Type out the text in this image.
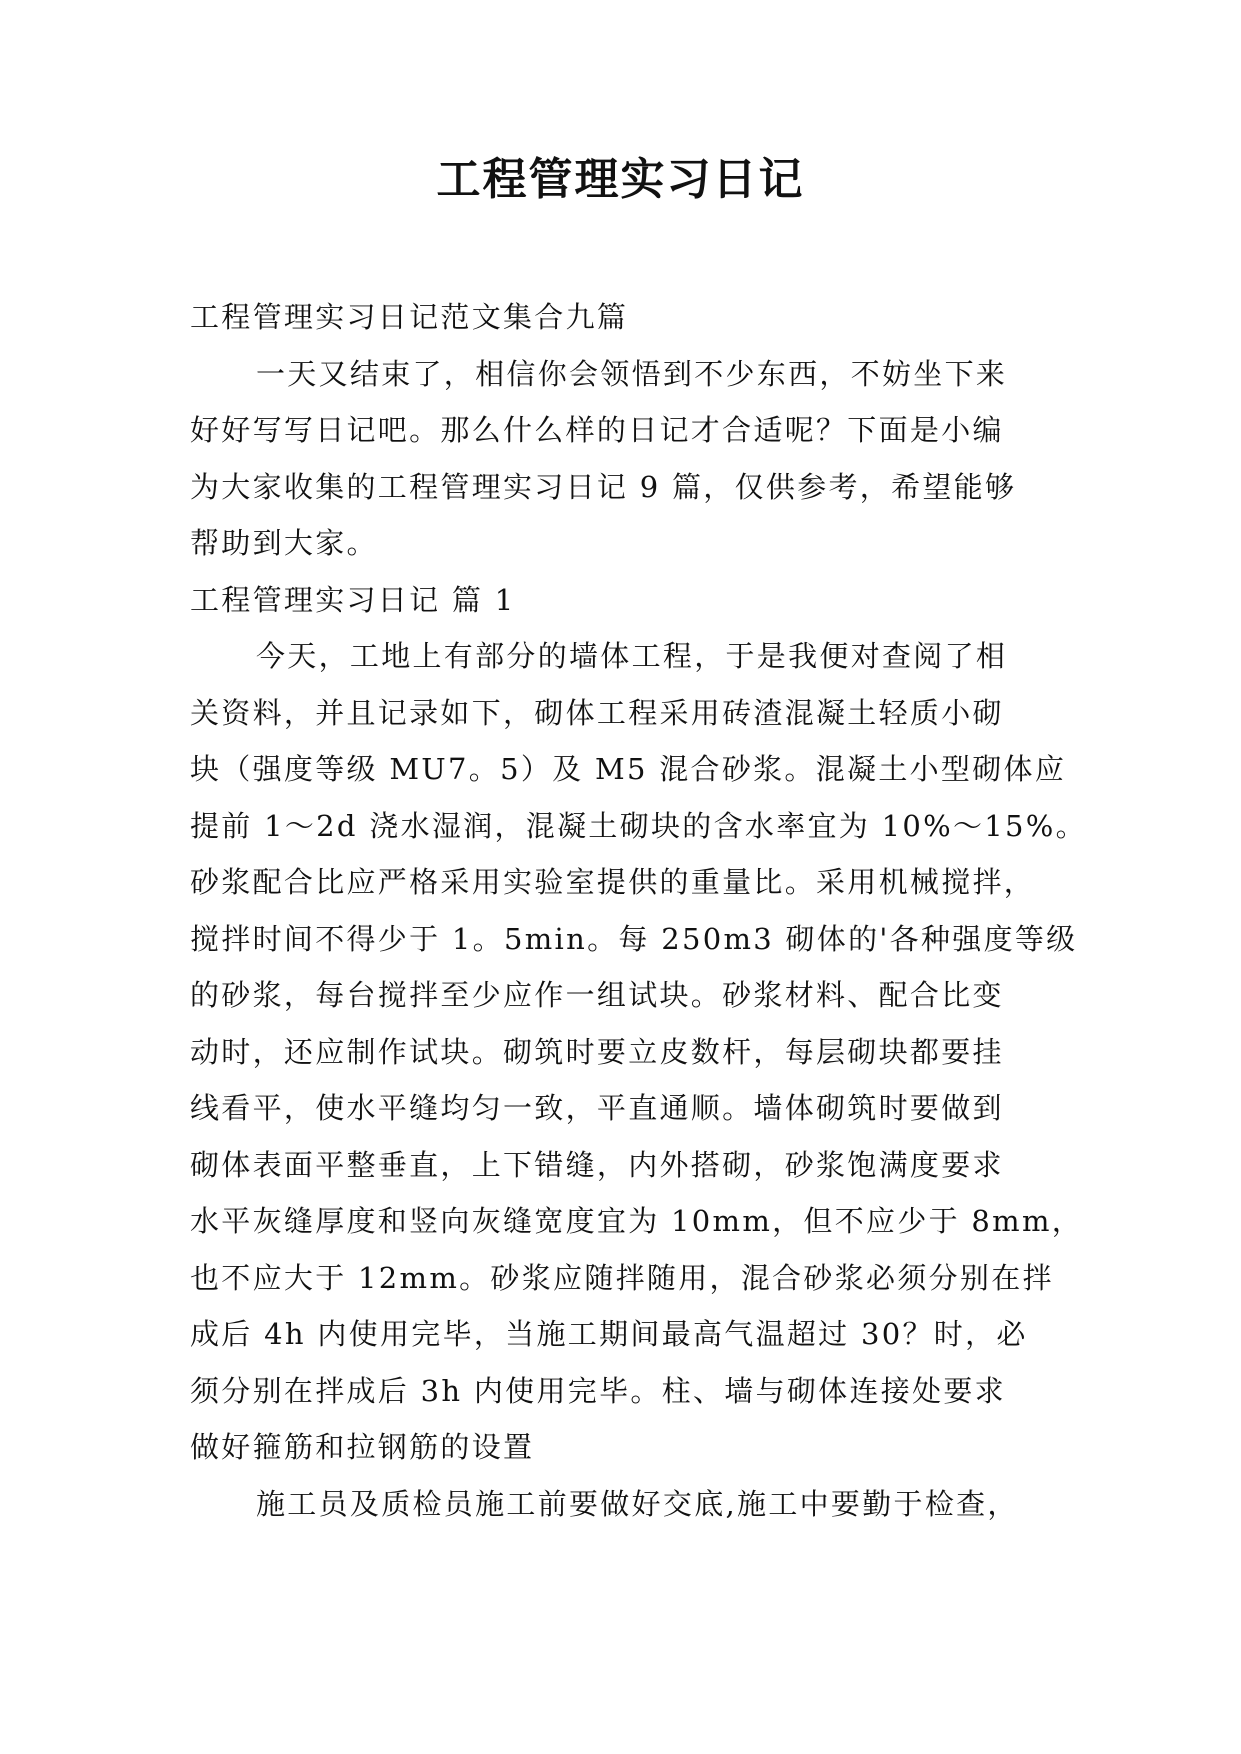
工程管理实习日记

工程管理实习日记范文集合九篇

一天又结束了，相信你会领悟到不少东西，不妨坐下来

好好写写日记吧。那么什么样的日记才合适呢？下面是小编

为大家收集的工程管理实习日记 9 篇，仅供参考，希望能够

帮助到大家。

工程管理实习日记 篇 1

今天，工地上有部分的墙体工程，于是我便对查阅了相

关资料，并且记录如下，砌体工程采用砖渣混凝土轻质小砌

块（强度等级 MU7。5）及 M5 混合砂浆。混凝土小型砌体应

提前 1～2d 浇水湿润，混凝土砌块的含水率宜为 10%～15%。

砂浆配合比应严格采用实验室提供的重量比。采用机械搅拌，

搅拌时间不得少于 1。5min。每 250m3 砌体的'各种强度等级

的砂浆，每台搅拌至少应作一组试块。砂浆材料、配合比变

动时，还应制作试块。砌筑时要立皮数杆，每层砌块都要挂

线看平，使水平缝均匀一致，平直通顺。墙体砌筑时要做到

砌体表面平整垂直，上下错缝，内外搭砌，砂浆饱满度要求

水平灰缝厚度和竖向灰缝宽度宜为 10mm，但不应少于 8mm，

也不应大于 12mm。砂浆应随拌随用，混合砂浆必须分别在拌

成后 4h 内使用完毕，当施工期间最高气温超过 30？时，必

须分别在拌成后 3h 内使用完毕。柱、墙与砌体连接处要求

做好箍筋和拉钢筋的设置

施工员及质检员施工前要做好交底,施工中要勤于检查，
